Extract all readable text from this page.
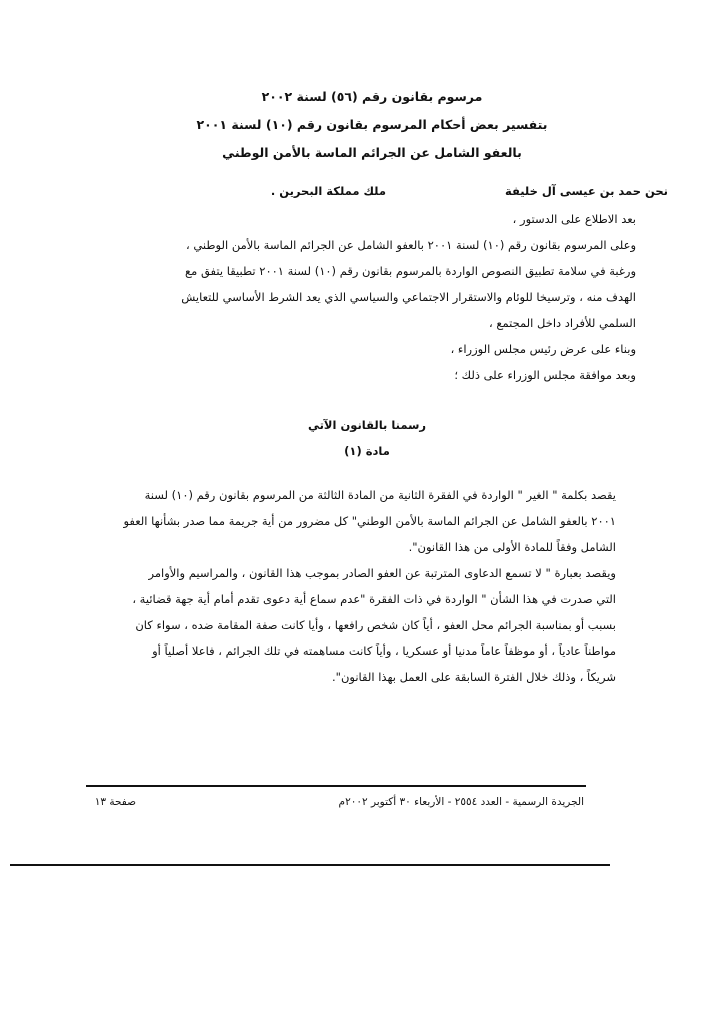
مرسوم بقانون رقم (٥٦) لسنة ٢٠٠٢
بتفسير بعض أحكام المرسوم بقانون رقم (١٠) لسنة ٢٠٠١
بالعفو الشامل عن الجرائم الماسة بالأمن الوطني
نحن حمد بن عيسى آل خليفة
ملك مملكة البحرين .
بعد الاطلاع على الدستور ،
وعلى المرسوم بقانون رقم (١٠) لسنة ٢٠٠١ بالعفو الشامل عن الجرائم الماسة بالأمن الوطني ،
ورغبة في سلامة تطبيق النصوص الواردة بالمرسوم بقانون رقم (١٠) لسنة ٢٠٠١ تطبيقا يتفق مع
الهدف منه ، وترسيخا للوئام والاستقرار الاجتماعي والسياسي الذي يعد الشرط الأساسي للتعايش
السلمي للأفراد داخل المجتمع ،
وبناء على عرض رئيس مجلس الوزراء ،
وبعد موافقة مجلس الوزراء على ذلك ؛
رسمنا بالقانون الآتي
مادة (١)
يقصد بكلمة " الغير " الواردة في الفقرة الثانية من المادة الثالثة من المرسوم بقانون رقم (١٠) لسنة
٢٠٠١ بالعفو الشامل عن الجرائم الماسة بالأمن الوطني" كل مضرور من أية جريمة مما صدر بشأنها العفو
الشامل وفقاً للمادة الأولى من هذا القانون".
ويقصد بعبارة " لا تسمع الدعاوى المترتبة عن العفو الصادر بموجب هذا القانون ، والمراسيم والأوامر
التي صدرت في هذا الشأن " الواردة في ذات الفقرة "عدم سماع أية دعوى تقدم أمام أية جهة قضائية ،
بسبب أو بمناسبة الجرائم محل العفو ، أياً كان شخص رافعها ، وأيا كانت صفة المقامة ضده ، سواء كان
مواطناً عادياً ، أو موظفاً عاماً مدنيا أو عسكريا ، وأياً كانت مساهمته في تلك الجرائم ، فاعلا أصلياً أو
شريكاً ، وذلك خلال الفترة السابقة على العمل بهذا القانون".
الجريدة الرسمية - العدد ٢٥٥٤ - الأربعاء ٣٠ أكتوبر ٢٠٠٢م
صفحة ١٣
